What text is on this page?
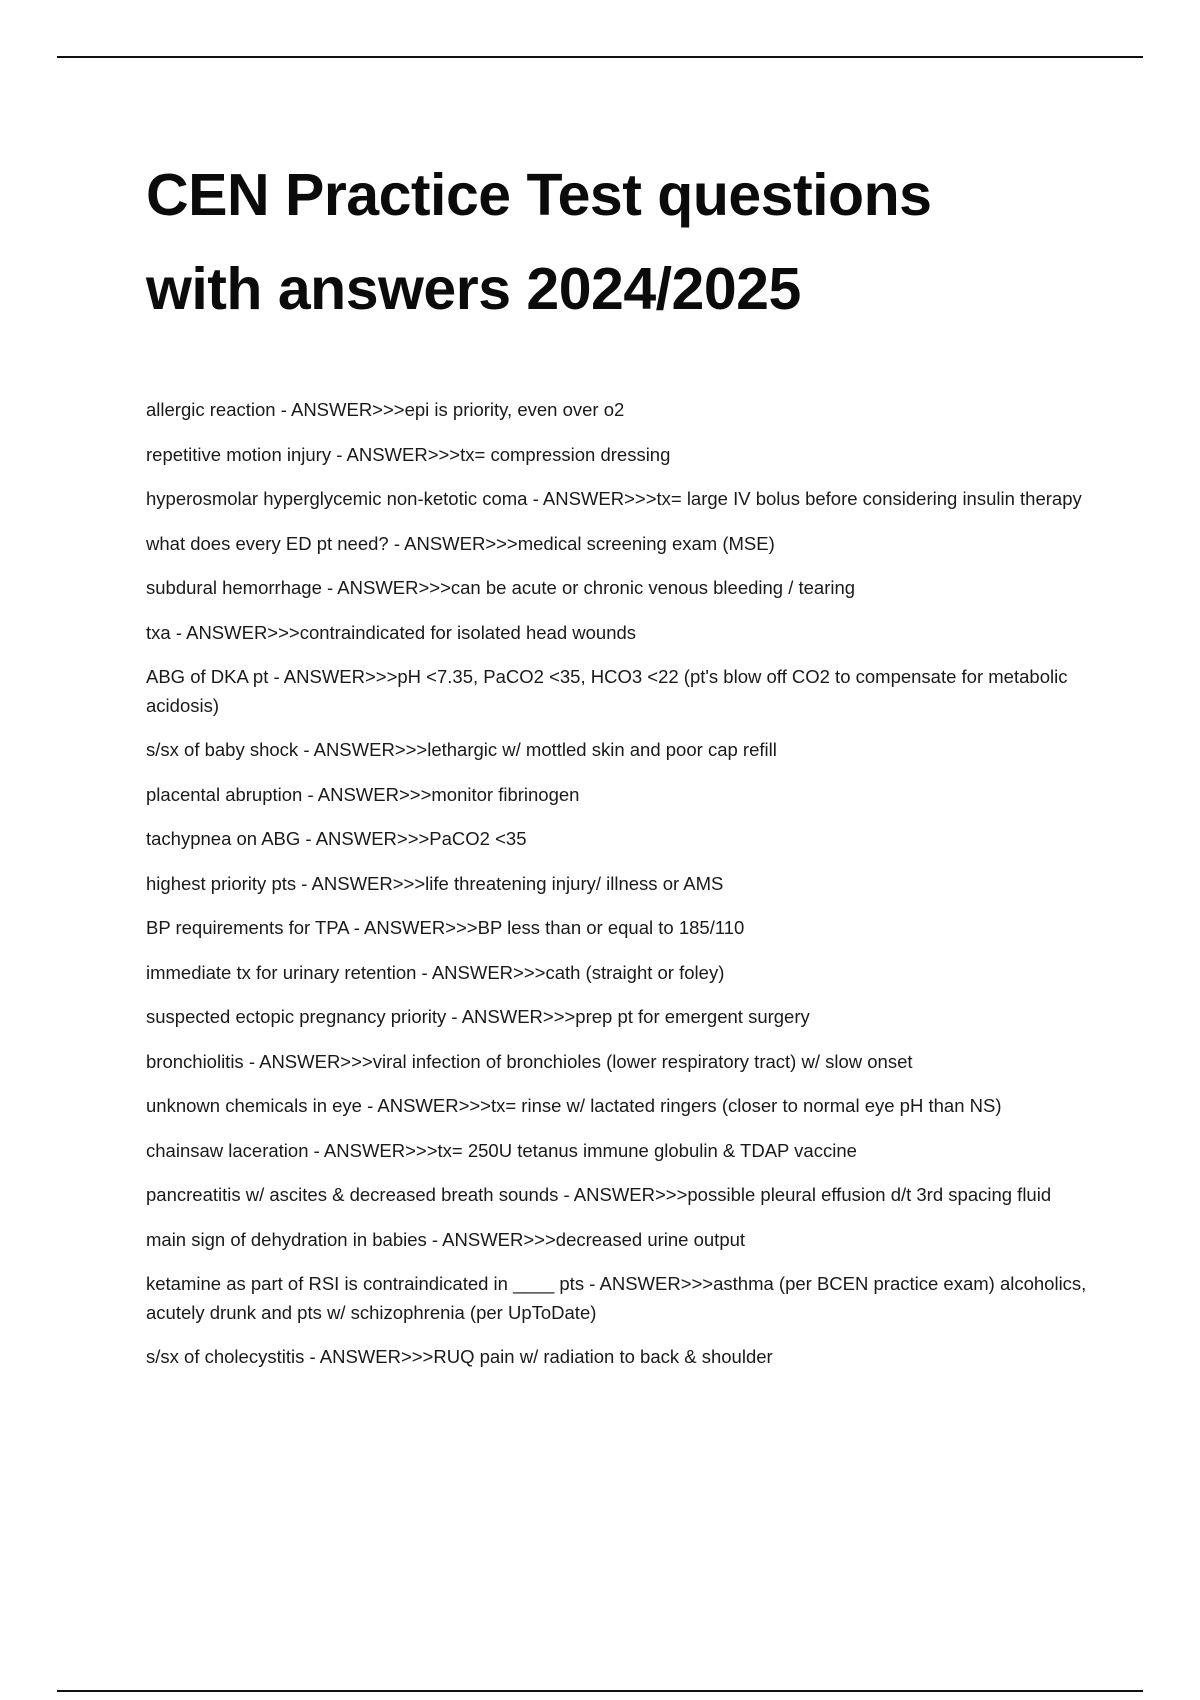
CEN Practice Test questions
with answers 2024/2025
allergic reaction - ANSWER>>>epi is priority, even over o2
repetitive motion injury - ANSWER>>>tx= compression dressing
hyperosmolar hyperglycemic non-ketotic coma - ANSWER>>>tx= large IV bolus before considering insulin therapy
what does every ED pt need? - ANSWER>>>medical screening exam (MSE)
subdural hemorrhage - ANSWER>>>can be acute or chronic venous bleeding / tearing
txa - ANSWER>>>contraindicated for isolated head wounds
ABG of DKA pt - ANSWER>>>pH <7.35, PaCO2 <35, HCO3 <22 (pt's blow off CO2 to compensate for metabolic acidosis)
s/sx of baby shock - ANSWER>>>lethargic w/ mottled skin and poor cap refill
placental abruption - ANSWER>>>monitor fibrinogen
tachypnea on ABG - ANSWER>>>PaCO2 <35
highest priority pts - ANSWER>>>life threatening injury/ illness or AMS
BP requirements for TPA - ANSWER>>>BP less than or equal to 185/110
immediate tx for urinary retention - ANSWER>>>cath (straight or foley)
suspected ectopic pregnancy priority - ANSWER>>>prep pt for emergent surgery
bronchiolitis - ANSWER>>>viral infection of bronchioles (lower respiratory tract) w/ slow onset
unknown chemicals in eye - ANSWER>>>tx= rinse w/ lactated ringers (closer to normal eye pH than NS)
chainsaw laceration - ANSWER>>>tx= 250U tetanus immune globulin & TDAP vaccine
pancreatitis w/ ascites & decreased breath sounds - ANSWER>>>possible pleural effusion d/t 3rd spacing fluid
main sign of dehydration in babies - ANSWER>>>decreased urine output
ketamine as part of RSI is contraindicated in ____ pts - ANSWER>>>asthma (per BCEN practice exam) alcoholics, acutely drunk and pts w/ schizophrenia (per UpToDate)
s/sx of cholecystitis - ANSWER>>>RUQ pain w/ radiation to back & shoulder
